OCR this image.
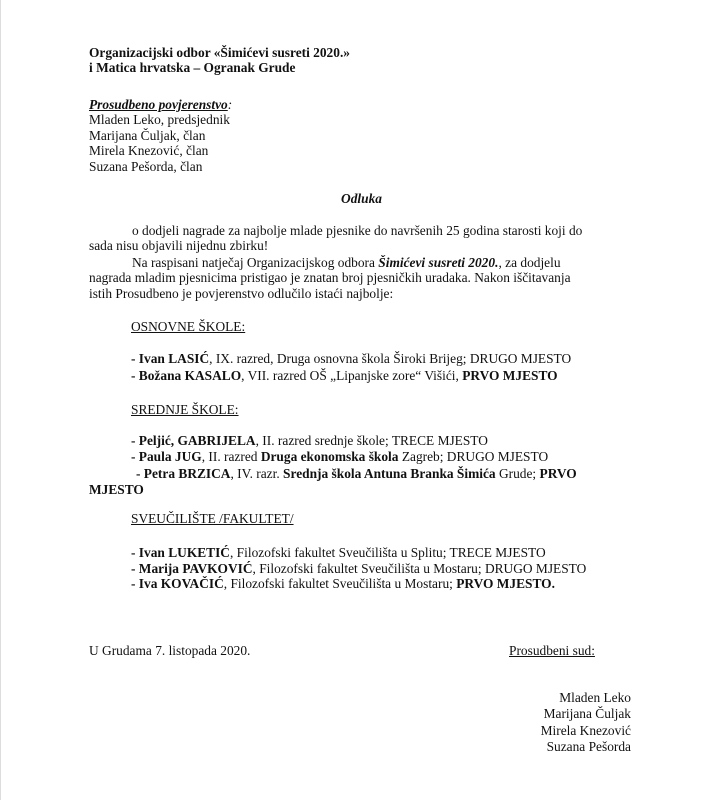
Organizacijski odbor «Šimićevi susreti 2020.»
i Matica hrvatska – Ogranak Grude
Prosudbeno povjerenstvo:
Mladen Leko, predsjednik
Marijana Čuljak, član
Mirela Knezović, član
Suzana Pešorda, član
Odluka
o dodjeli nagrade za najbolje mlade pjesnike do navršenih 25 godina starosti koji do
sada nisu objavili nijednu zbirku!
Na raspisani natječaj Organizacijskog odbora Šimićevi susreti 2020., za dodjelu
nagrada mladim pjesnicima pristigao je znatan broj pjesničkih uradaka. Nakon iščitavanja
istih Prosudbeno je povjerenstvo odlučilo istaći najbolje:
OSNOVNE ŠKOLE:
- Ivan LASIĆ, IX. razred, Druga osnovna škola Široki Brijeg; DRUGO MJESTO
- Božana KASALO, VII. razred OŠ „Lipanjske zore“ Višići, PRVO MJESTO
SREDNJE ŠKOLE:
- Peljić, GABRIJELA, II. razred srednje škole; TRECE MJESTO
- Paula JUG, II. razred Druga ekonomska škola Zagreb; DRUGO MJESTO
- Petra BRZICA, IV. razr. Srednja škola Antuna Branka Šimića Grude; PRVO
MJESTO
SVEUČILIŠTE /FAKULTET/
- Ivan LUKETIĆ, Filozofski fakultet Sveučilišta u Splitu; TRECE MJESTO
- Marija PAVKOVIĆ, Filozofski fakultet Sveučilišta u Mostaru; DRUGO MJESTO
- Iva KOVAČIĆ, Filozofski fakultet Sveučilišta u Mostaru; PRVO MJESTO.
U Grudama 7. listopada 2020.	Prosudbeni sud:
Mladen Leko
Marijana Čuljak
Mirela Knezović
Suzana Pešorda
